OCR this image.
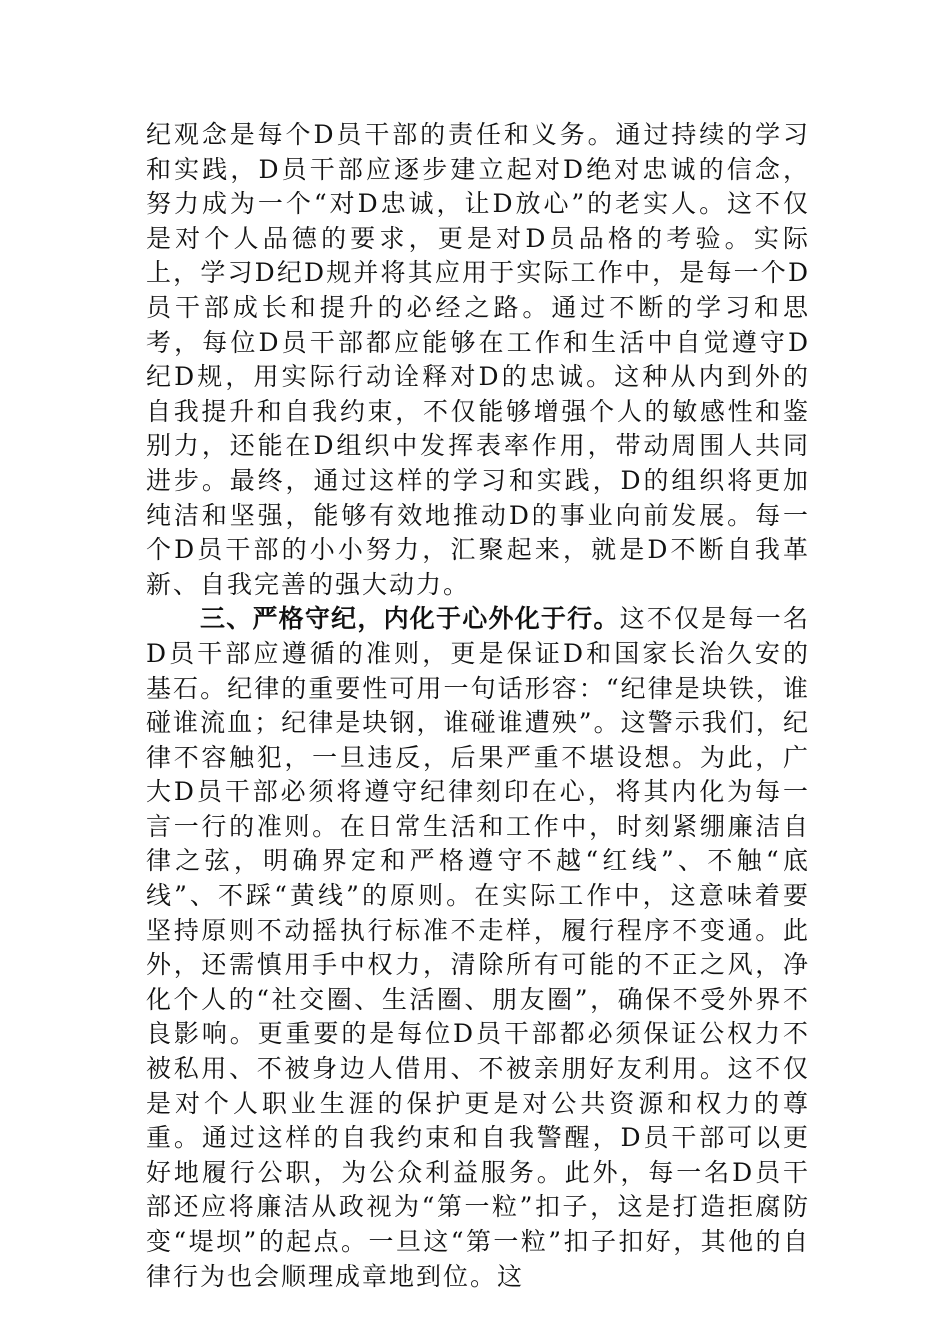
纪观念是每个D员干部的责任和义务。通过持续的学习和实践，D员干部应逐步建立起对D绝对忠诚的信念，努力成为一个“对D忠诚，让D放心”的老实人。这不仅是对个人品德的要求，更是对D员品格的考验。实际上，学习D纪D规并将其应用于实际工作中，是每一个D员干部成长和提升的必经之路。通过不断的学习和思考，每位D员干部都应能够在工作和生活中自觉遵守D纪D规，用实际行动诠释对D的忠诚。这种从内到外的自我提升和自我约束，不仅能够增强个人的敏感性和鉴别力，还能在D组织中发挥表率作用，带动周围人共同进步。最终，通过这样的学习和实践，D的组织将更加纯洁和坚强，能够有效地推动D的事业向前发展。每一个D员干部的小小努力，汇聚起来，就是D不断自我革新、自我完善的强大动力。

三、严格守纪，内化于心外化于行。这不仅是每一名D员干部应遵循的准则，更是保证D和国家长治久安的基石。纪律的重要性可用一句话形容：“纪律是块铁，谁碰谁流血；纪律是块钢，谁碰谁遭殃”。这警示我们，纪律不容触犯，一旦违反，后果严重不堪设想。为此，广大D员干部必须将遵守纪律刻印在心，将其内化为每一言一行的准则。在日常生活和工作中，时刻紧绷廉洁自律之弦，明确界定和严格遵守不越“红线”、不触“底线”、不踩“黄线”的原则。在实际工作中，这意味着要坚持原则不动摇执行标准不走样，履行程序不变通。此外，还需慎用手中权力，清除所有可能的不正之风，净化个人的“社交圈、生活圈、朋友圈”，确保不受外界不良影响。更重要的是每位D员干部都必须保证公权力不被私用、不被身边人借用、不被亲朋好友利用。这不仅是对个人职业生涯的保护更是对公共资源和权力的尊重。通过这样的自我约束和自我警醒，D员干部可以更好地履行公职，为公众利益服务。此外，每一名D员干部还应将廉洁从政视为“第一粒”扣子，这是打造拒腐防变“堤坝”的起点。一旦这“第一粒”扣子扣好，其他的自律行为也会顺理成章地到位。这
